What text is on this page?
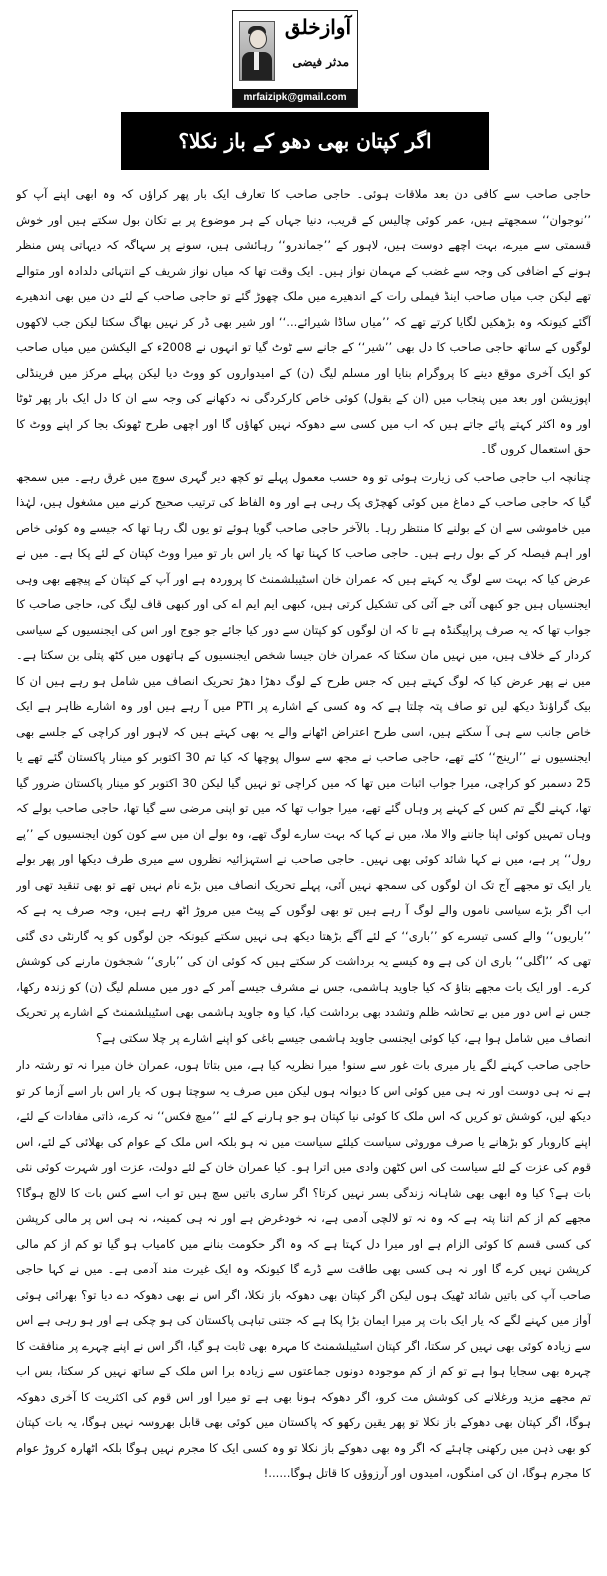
آوازخلق
مدثر فیضی
mrfaizipk@gmail.com
اگر کپتان بھی دھو کے باز نکلا؟

حاجی صاحب سے کافی دن بعد ملاقات ہوئی۔ حاجی صاحب کا تعارف ایک بار پھر کراؤں کہ وہ ابھی اپنے آپ کو ’’نوجوان‘‘ سمجھتے ہیں، عمر کوئی چالیس کے قریب، دنیا جہاں کے ہر موضوع پر بے تکان بول سکتے ہیں اور خوش قسمتی سے میرے، بہت اچھے دوست ہیں، لاہور کے ’’جماندرو‘‘ رہائشی ہیں، سونے پر سہاگہ کہ دیہاتی پس منظر ہونے کے اضافی کی وجہ سے غضب کے مہمان نواز ہیں۔ ایک وقت تھا کہ میاں نواز شریف کے انتہائی دلدادہ اور متوالے تھے لیکن جب میاں صاحب اینڈ فیملی رات کے اندھیرے میں ملک چھوڑ گئے تو حاجی صاحب کے لئے دن میں بھی اندھیرے آگئے کیونکہ وہ بڑھکیں لگایا کرتے تھے کہ ’’میاں ساڈا شیرائے...‘‘ اور شیر بھی ڈر کر نہیں بھاگ سکتا لیکن جب لاکھوں لوگوں کے ساتھ حاجی صاحب کا دل بھی ’’شیر‘‘ کے جانے سے ٹوٹ گیا تو انہوں نے 2008ء کے الیکشن میں میاں صاحب کو ایک آخری موقع دینے کا پروگرام بنایا اور مسلم لیگ (ن) کے امیدواروں کو ووٹ دیا لیکن پہلے مرکز میں فرینڈلی اپوزیشن اور بعد میں پنجاب میں (ان کے بقول) کوئی خاص کارکردگی نہ دکھانے کی وجہ سے ان کا دل ایک بار پھر ٹوٹا اور وہ اکثر کہتے پائے جاتے ہیں کہ اب میں کسی سے دھوکہ نہیں کھاؤں گا اور اچھی طرح ٹھونک بجا کر اپنے ووٹ کا حق استعمال کروں گا۔

چنانچہ اب حاجی صاحب کی زیارت ہوئی تو وہ حسب معمول پہلے تو کچھ دیر گہری سوچ میں غرق رہے۔ میں سمجھ گیا کہ حاجی صاحب کے دماغ میں کوئی کھچڑی پک رہی ہے اور وہ الفاظ کی ترتیب صحیح کرنے میں مشغول ہیں، لہٰذا میں خاموشی سے ان کے بولنے کا منتظر رہا۔ بالآخر حاجی صاحب گویا ہوئے تو یوں لگ رہا تھا کہ جیسے وہ کوئی خاص اور اہم فیصلہ کر کے بول رہے ہیں۔ حاجی صاحب کا کہنا تھا کہ یار اس بار تو میرا ووٹ کپتان کے لئے پکا ہے۔ میں نے عرض کیا کہ بہت سے لوگ یہ کہتے ہیں کہ عمران خان اسٹیبلشمنٹ کا پروردہ ہے اور آپ کے کپتان کے پیچھے بھی وہی ایجنسیاں ہیں جو کبھی آئی جے آئی کی تشکیل کرتی ہیں، کبھی ایم ایم اے کی اور کبھی قاف لیگ کی، حاجی صاحب کا جواب تھا کہ یہ صرف پراپیگنڈہ ہے تا کہ ان لوگوں کو کپتان سے دور کیا جائے جو جوج اور اس کی ایجنسیوں کے سیاسی کردار کے خلاف ہیں، میں نہیں مان سکتا کہ عمران خان جیسا شخص ایجنسیوں کے ہاتھوں میں کٹھ پتلی بن سکتا ہے۔ میں نے پھر عرض کیا کہ لوگ کہتے ہیں کہ جس طرح کے لوگ دھڑا دھڑ تحریک انصاف میں شامل ہو رہے ہیں ان کا بیک گراؤنڈ دیکھ لیں تو صاف پتہ چلتا ہے کہ وہ کسی کے اشارے پر PTI میں آ رہے ہیں اور وہ اشارے ظاہر ہے ایک خاص جانب سے ہی آ سکتے ہیں، اسی طرح اعتراض اٹھانے والے یہ بھی کہتے ہیں کہ لاہور اور کراچی کے جلسے بھی ایجنسیوں نے ’’ارینج‘‘ کئے تھے، حاجی صاحب نے مجھ سے سوال پوچھا کہ کیا تم 30 اکتوبر کو مینار پاکستان گئے تھے یا 25 دسمبر کو کراچی، میرا جواب اثبات میں تھا کہ میں کراچی تو نہیں گیا لیکن 30 اکتوبر کو مینار پاکستان ضرور گیا تھا، کہنے لگے تم کس کے کہنے پر وہاں گئے تھے، میرا جواب تھا کہ میں تو اپنی مرضی سے گیا تھا، حاجی صاحب بولے کہ وہاں تمہیں کوئی اپنا جاننے والا ملا، میں نے کہا کہ بہت سارے لوگ تھے، وہ بولے ان میں سے کون کون ایجنسیوں کے ’’پے رول‘‘ پر ہے، میں نے کہا شائد کوئی بھی نہیں۔ حاجی صاحب نے استہزائیہ نظروں سے میری طرف دیکھا اور پھر بولے یار ایک تو مجھے آج تک ان لوگوں کی سمجھ نہیں آئی، پہلے تحریک انصاف میں بڑے نام نہیں تھے تو بھی تنقید تھی اور اب اگر بڑے سیاسی ناموں والے لوگ آ رہے ہیں تو بھی لوگوں کے پیٹ میں مروڑ اٹھ رہے ہیں، وجہ صرف یہ ہے کہ ’’باریوں‘‘ والے کسی تیسرے کو ’’باری‘‘ کے لئے آگے بڑھتا دیکھ ہی نہیں سکتے کیونکہ جن لوگوں کو یہ گارنٹی دی گئی تھی کہ ’’اگلی‘‘ باری ان کی ہے وہ کیسے یہ برداشت کر سکتے ہیں کہ کوئی ان کی ’’باری‘‘ شجخون مارنے کی کوشش کرے۔ اور ایک بات مجھے بتاؤ کہ کیا جاوید ہاشمی، جس نے مشرف جیسے آمر کے دور میں مسلم لیگ (ن) کو زندہ رکھا، جس نے اس دور میں بے تحاشہ ظلم وتشدد بھی برداشت کیا، کیا وہ جاوید ہاشمی بھی اسٹیبلشمنٹ کے اشارے پر تحریک انصاف میں شامل ہوا ہے، کیا کوئی ایجنسی جاوید ہاشمی جیسے باغی کو اپنے اشارے پر چلا سکتی ہے؟

حاجی صاحب کہنے لگے یار میری بات غور سے سنو! میرا نظریہ کیا ہے، میں بتاتا ہوں، عمران خان میرا نہ تو رشتہ دار ہے نہ ہی دوست اور نہ ہی میں کوئی اس کا دیوانہ ہوں لیکن میں صرف یہ سوچتا ہوں کہ یار اس بار اسے آزما کر تو دیکھ لیں، کوشش تو کریں کہ اس ملک کا کوئی نیا کپتان ہو جو ہارنے کے لئے ’’میچ فکس‘‘ نہ کرے، ذاتی مفادات کے لئے، اپنے کاروبار کو بڑھانے یا صرف موروثی سیاست کیلئے سیاست میں نہ ہو بلکہ اس ملک کے عوام کی بھلائی کے لئے، اس قوم کی عزت کے لئے سیاست کی اس کٹھن وادی میں اترا ہو۔ کیا عمران خان کے لئے دولت، عزت اور شہرت کوئی نئی بات ہے؟ کیا وہ ابھی بھی شاہانہ زندگی بسر نہیں کرتا؟ اگر ساری باتیں سچ ہیں تو اب اسے کس بات کا لالچ ہوگا؟ مجھے کم از کم اتنا پتہ ہے کہ وہ نہ تو لالچی آدمی ہے، نہ خودغرض ہے اور نہ ہی کمینہ، نہ ہی اس پر مالی کرپشن کی کسی قسم کا کوئی الزام ہے اور میرا دل کہتا ہے کہ وہ اگر حکومت بنانے میں کامیاب ہو گیا تو کم از کم مالی کرپشن نہیں کرے گا اور نہ ہی کسی بھی طاقت سے ڈرے گا کیونکہ وہ ایک غیرت مند آدمی ہے۔ میں نے کہا حاجی صاحب آپ کی باتیں شائد ٹھیک ہوں لیکن اگر کپتان بھی دھوکہ باز نکلا، اگر اس نے بھی دھوکہ دے دیا تو؟ بھرائی ہوئی آواز میں کہنے لگے کہ یار ایک بات پر میرا ایمان بڑا پکا ہے کہ جتنی تباہی پاکستان کی ہو چکی ہے اور ہو رہی ہے اس سے زیادہ کوئی بھی نہیں کر سکتا، اگر کپتان اسٹیبلشمنٹ کا مہرہ بھی ثابت ہو گیا، اگر اس نے اپنے چہرے پر منافقت کا چہرہ بھی سجایا ہوا ہے تو کم از کم موجودہ دونوں جماعتوں سے زیادہ برا اس ملک کے ساتھ نہیں کر سکتا، بس اب تم مجھے مزید ورغلانے کی کوشش مت کرو، اگر دھوکہ ہونا بھی ہے تو میرا اور اس قوم کی اکثریت کا آخری دھوکہ ہوگا، اگر کپتان بھی دھوکے باز نکلا تو پھر یقین رکھو کہ پاکستان میں کوئی بھی قابل بھروسہ نہیں ہوگا، یہ بات کپتان کو بھی ذہن میں رکھنی چاہئے کہ اگر وہ بھی دھوکے باز نکلا تو وہ کسی ایک کا مجرم نہیں ہوگا بلکہ اٹھارہ کروڑ عوام کا مجرم ہوگا، ان کی امنگوں، امیدوں اور آرزوؤں کا قاتل ہوگا......!
